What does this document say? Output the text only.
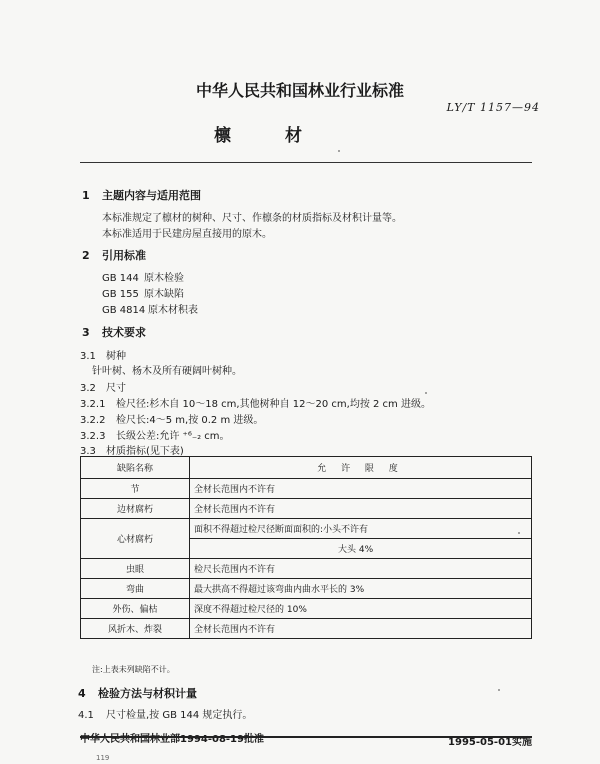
中华人民共和国林业行业标准
LY/T 1157—94
檩	材
1 主题内容与适用范围
本标准规定了檩材的树种、尺寸、作檩条的材质指标及材积计量等。
本标准适用于民建房屋直接用的原木。
2 引用标准
GB 144 原木检验
GB 155 原木缺陷
GB 4814 原木材积表
3 技术要求
3.1 树种
针叶树、杨木及所有硬阔叶树种。
3.2 尺寸
3.2.1 检尺径:杉木自 10～18 cm,其他树种自 12～20 cm,均按 2 cm 进级。
3.2.2 检尺长:4～5 m,按 0.2 m 进级。
3.2.3 长级公差:允许 ⁺⁶₋₂ cm。
3.3 材质指标(见下表)
缺陷名称	允 许 限 度
节	全材长范围内不许有
边材腐朽	全材长范围内不许有
心材腐朽	面积不得超过检尺径断面面积的:小头不许有
	大头 4%
虫眼	检尺长范围内不许有
弯曲	最大拱高不得超过该弯曲内曲水平长的 3%
外伤、偏枯	深度不得超过检尺径的 10%
风折木、炸裂	全材长范围内不许有
注:上表未列缺陷不计。
4 检验方法与材积计量
4.1 尺寸检量,按 GB 144 规定执行。
中华人民共和国林业部1994-08-19批准	1995-05-01实施
119
